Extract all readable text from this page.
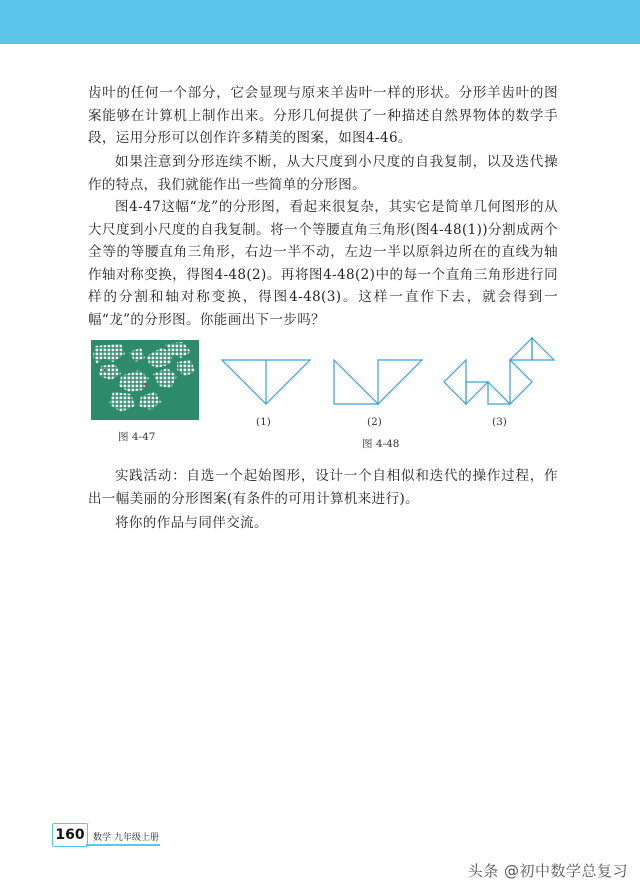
齿叶的任何一个部分，它会显现与原来羊齿叶一样的形状。分形羊齿叶的图案能够在计算机上制作出来。分形几何提供了一种描述自然界物体的数学手段，运用分形可以创作许多精美的图案，如图4-46。

如果注意到分形连续不断，从大尺度到小尺度的自我复制，以及迭代操作的特点，我们就能作出一些简单的分形图。

图4-47这幅“龙”的分形图，看起来很复杂，其实它是简单几何图形的从大尺度到小尺度的自我复制。将一个等腰直角三角形(图4-48(1))分割成两个全等的等腰直角三角形，右边一半不动，左边一半以原斜边所在的直线为轴作轴对称变换，得图4-48(2)。再将图4-48(2)中的每一个直角三角形进行同样的分割和轴对称变换，得图4-48(3)。这样一直作下去，就会得到一幅“龙”的分形图。你能画出下一步吗？

图 4-47
(1)	(2)	(3)
图 4-48

实践活动：自选一个起始图形，设计一个自相似和迭代的操作过程，作出一幅美丽的分形图案(有条件的可用计算机来进行)。

将你的作品与同伴交流。

160 数学 九年级上册
头条 @初中数学总复习
